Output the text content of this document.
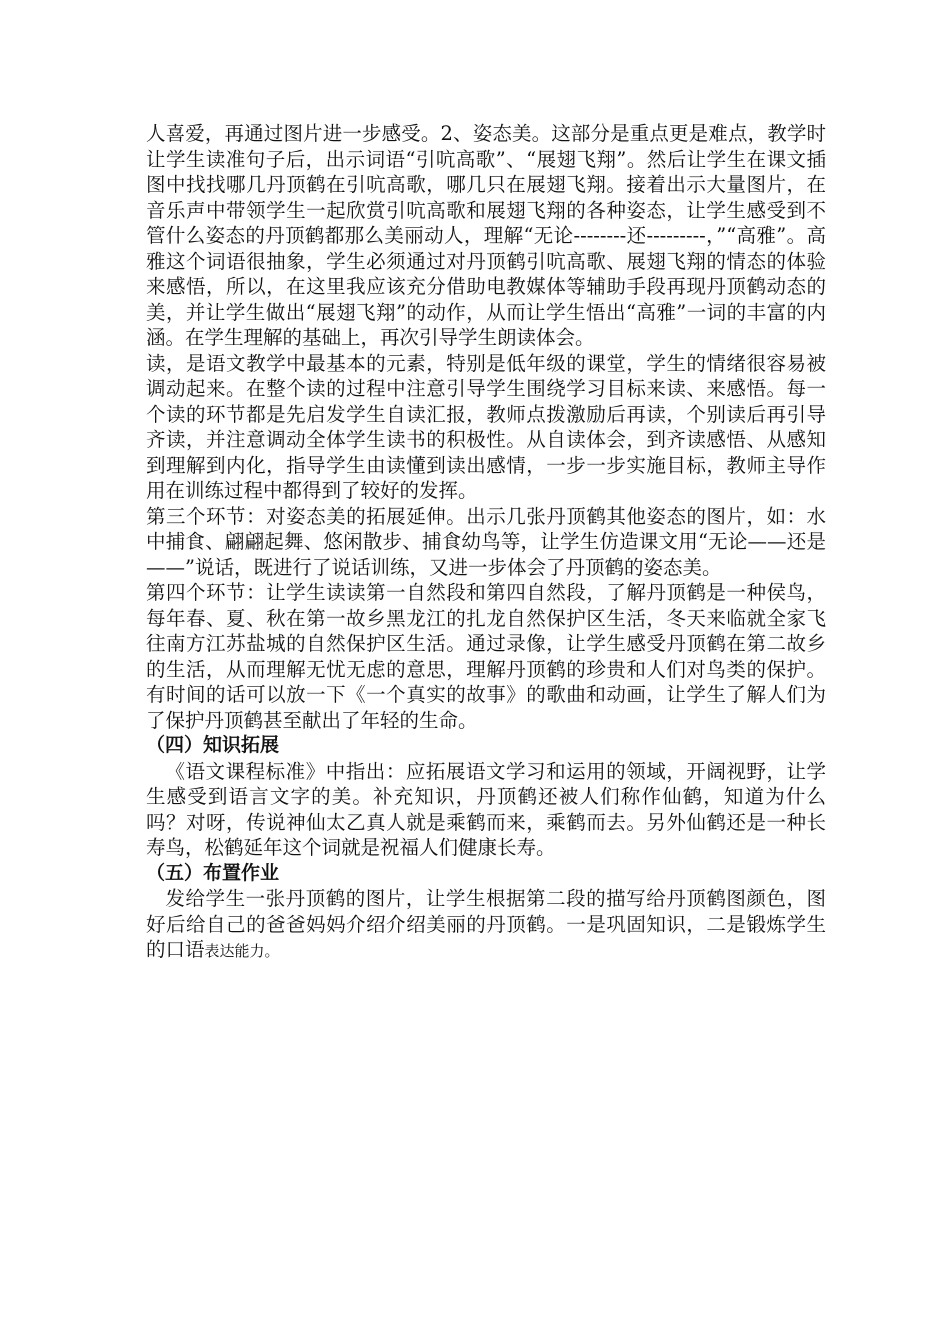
人喜爱，再通过图片进一步感受。2、姿态美。这部分是重点更是难点，教学时让学生读准句子后，出示词语“引吭高歌”、“展翅飞翔”。然后让学生在课文插图中找找哪几丹顶鹤在引吭高歌，哪几只在展翅飞翔。接着出示大量图片，在音乐声中带领学生一起欣赏引吭高歌和展翅飞翔的各种姿态，让学生感受到不管什么姿态的丹顶鹤都那么美丽动人，理解“无论--------还---------，”“高雅”。高雅这个词语很抽象，学生必须通过对丹顶鹤引吭高歌、展翅飞翔的情态的体验来感悟，所以，在这里我应该充分借助电教媒体等辅助手段再现丹顶鹤动态的美，并让学生做出“展翅飞翔”的动作，从而让学生悟出“高雅”一词的丰富的内涵。在学生理解的基础上，再次引导学生朗读体会。

读，是语文教学中最基本的元素，特别是低年级的课堂，学生的情绪很容易被调动起来。在整个读的过程中注意引导学生围绕学习目标来读、来感悟。每一个读的环节都是先启发学生自读汇报，教师点拨激励后再读，个别读后再引导齐读，并注意调动全体学生读书的积极性。从自读体会，到齐读感悟、从感知到理解到内化，指导学生由读懂到读出感情，一步一步实施目标，教师主导作用在训练过程中都得到了较好的发挥。

第三个环节：对姿态美的拓展延伸。出示几张丹顶鹤其他姿态的图片，如：水中捕食、翩翩起舞、悠闲散步、捕食幼鸟等，让学生仿造课文用“无论——还是——”说话，既进行了说话训练，又进一步体会了丹顶鹤的姿态美。

第四个环节：让学生读读第一自然段和第四自然段，了解丹顶鹤是一种侯鸟，每年春、夏、秋在第一故乡黑龙江的扎龙自然保护区生活，冬天来临就全家飞往南方江苏盐城的自然保护区生活。通过录像，让学生感受丹顶鹤在第二故乡的生活，从而理解无忧无虑的意思，理解丹顶鹤的珍贵和人们对鸟类的保护。有时间的话可以放一下《一个真实的故事》的歌曲和动画，让学生了解人们为了保护丹顶鹤甚至献出了年轻的生命。

（四）知识拓展

《语文课程标准》中指出：应拓展语文学习和运用的领域，开阔视野，让学生感受到语言文字的美。补充知识，丹顶鹤还被人们称作仙鹤，知道为什么吗？对呀，传说神仙太乙真人就是乘鹤而来，乘鹤而去。另外仙鹤还是一种长寿鸟，松鹤延年这个词就是祝福人们健康长寿。

（五）布置作业

发给学生一张丹顶鹤的图片，让学生根据第二段的描写给丹顶鹤图颜色，图好后给自己的爸爸妈妈介绍介绍美丽的丹顶鹤。一是巩固知识，二是锻炼学生的口语表达能力。
